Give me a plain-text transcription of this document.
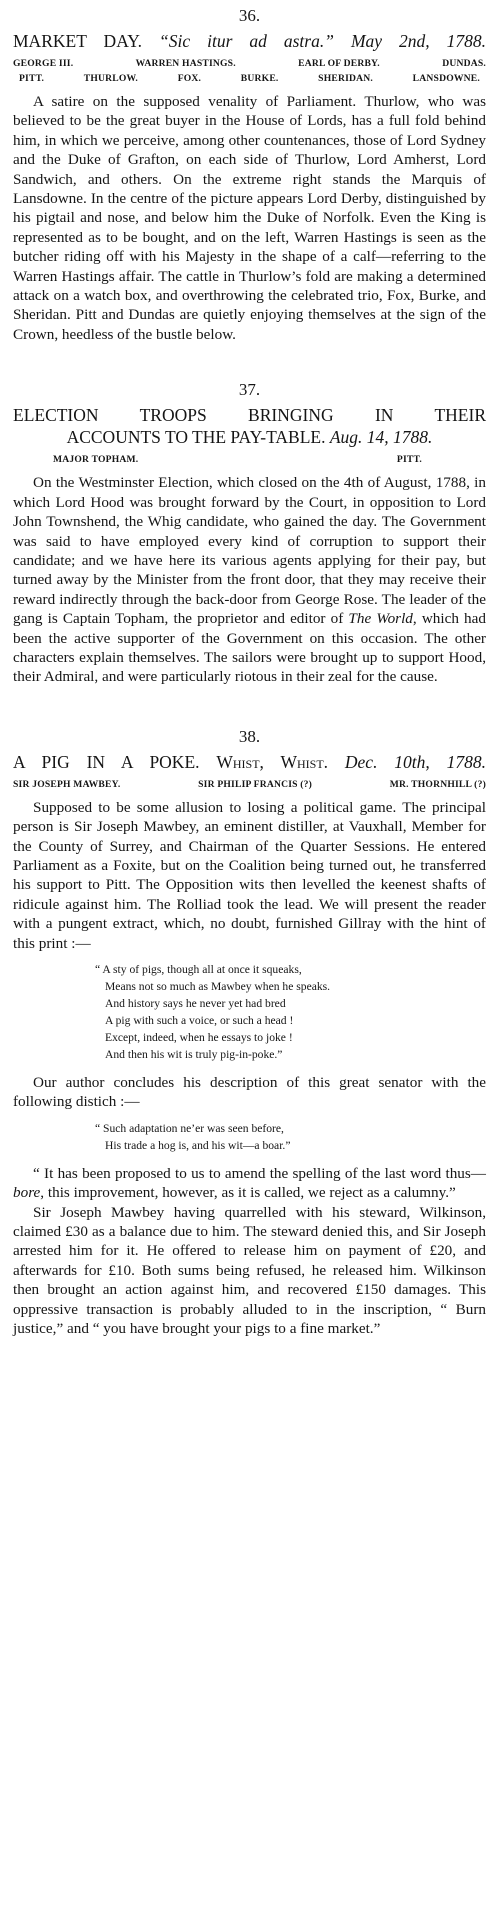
36.
MARKET DAY. “Sic itur ad astra.” May 2nd, 1788.
GEORGE III.	WARREN HASTINGS.	EARL OF DERBY.	DUNDAS.
PITT.	THURLOW.	FOX.	BURKE.	SHERIDAN.	LANSDOWNE.

A satire on the supposed venality of Parliament. Thurlow, who was believed to be the great buyer in the House of Lords, has a full fold behind him, in which we perceive, among other countenances, those of Lord Sydney and the Duke of Grafton, on each side of Thurlow, Lord Amherst, Lord Sandwich, and others. On the extreme right stands the Marquis of Lansdowne. In the centre of the picture appears Lord Derby, distinguished by his pigtail and nose, and below him the Duke of Norfolk. Even the King is represented as to be bought, and on the left, Warren Hastings is seen as the butcher riding off with his Majesty in the shape of a calf—referring to the Warren Hastings affair. The cattle in Thurlow’s fold are making a determined attack on a watch box, and overthrowing the celebrated trio, Fox, Burke, and Sheridan. Pitt and Dundas are quietly enjoying themselves at the sign of the Crown, heedless of the bustle below.

37.
ELECTION TROOPS BRINGING IN THEIR
ACCOUNTS TO THE PAY-TABLE. Aug. 14, 1788.
MAJOR TOPHAM.	PITT.

On the Westminster Election, which closed on the 4th of August, 1788, in which Lord Hood was brought forward by the Court, in opposition to Lord John Townshend, the Whig candidate, who gained the day. The Government was said to have employed every kind of corruption to support their candidate; and we have here its various agents applying for their pay, but turned away by the Minister from the front door, that they may receive their reward indirectly through the back-door from George Rose. The leader of the gang is Captain Topham, the proprietor and editor of The World, which had been the active supporter of the Government on this occasion. The other characters explain themselves. The sailors were brought up to support Hood, their Admiral, and were particularly riotous in their zeal for the cause.

38.
A PIG IN A POKE. Whist, Whist. Dec. 10th, 1788.
SIR JOSEPH MAWBEY.	SIR PHILIP FRANCIS (?)	MR. THORNHILL (?)

Supposed to be some allusion to losing a political game. The principal person is Sir Joseph Mawbey, an eminent distiller, at Vauxhall, Member for the County of Surrey, and Chairman of the Quarter Sessions. He entered Parliament as a Foxite, but on the Coalition being turned out, he transferred his support to Pitt. The Opposition wits then levelled the keenest shafts of ridicule against him. The Rolliad took the lead. We will present the reader with a pungent extract, which, no doubt, furnished Gillray with the hint of this print :—

“ A sty of pigs, though all at once it squeaks,
Means not so much as Mawbey when he speaks.
And history says he never yet had bred
A pig with such a voice, or such a head !
Except, indeed, when he essays to joke !
And then his wit is truly pig-in-poke.”

Our author concludes his description of this great senator with the following distich :—

“ Such adaptation ne’er was seen before,
His trade a hog is, and his wit—a boar.”

“ It has been proposed to us to amend the spelling of the last word thus—bore, this improvement, however, as it is called, we reject as a calumny.”

Sir Joseph Mawbey having quarrelled with his steward, Wilkinson, claimed £30 as a balance due to him. The steward denied this, and Sir Joseph arrested him for it. He offered to release him on payment of £20, and afterwards for £10. Both sums being refused, he released him. Wilkinson then brought an action against him, and recovered £150 damages. This oppressive transaction is probably alluded to in the inscription, “ Burn justice,” and “ you have brought your pigs to a fine market.”
